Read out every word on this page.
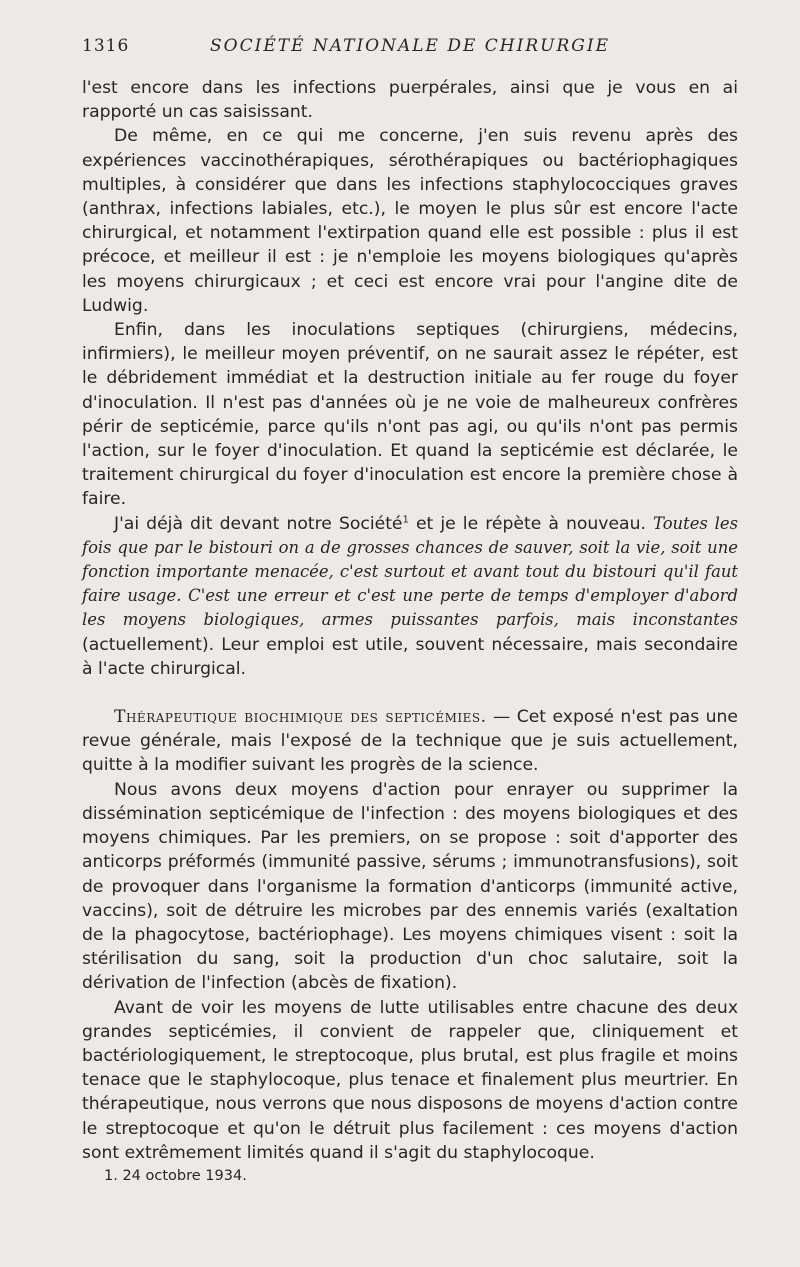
1316	SOCIÉTÉ NATIONALE DE CHIRURGIE

l'est encore dans les infections puerpérales, ainsi que je vous en ai rapporté un cas saisissant.

De même, en ce qui me concerne, j'en suis revenu après des expériences vaccinothérapiques, sérothérapiques ou bactériophagiques multiples, à considérer que dans les infections staphylococciques graves (anthrax, infections labiales, etc.), le moyen le plus sûr est encore l'acte chirurgical, et notamment l'extirpation quand elle est possible : plus il est précoce, et meilleur il est : je n'emploie les moyens biologiques qu'après les moyens chirurgicaux ; et ceci est encore vrai pour l'angine dite de Ludwig.

Enfin, dans les inoculations septiques (chirurgiens, médecins, infirmiers), le meilleur moyen préventif, on ne saurait assez le répéter, est le débridement immédiat et la destruction initiale au fer rouge du foyer d'inoculation. Il n'est pas d'années où je ne voie de malheureux confrères périr de septicémie, parce qu'ils n'ont pas agi, ou qu'ils n'ont pas permis l'action, sur le foyer d'inoculation. Et quand la septicémie est déclarée, le traitement chirurgical du foyer d'inoculation est encore la première chose à faire.

J'ai déjà dit devant notre Société$^1$ et je le répète à nouveau. Toutes les fois que par le bistouri on a de grosses chances de sauver, soit la vie, soit une fonction importante menacée, c'est surtout et avant tout du bistouri qu'il faut faire usage. C'est une erreur et c'est une perte de temps d'employer d'abord les moyens biologiques, armes puissantes parfois, mais inconstantes (actuellement). Leur emploi est utile, souvent nécessaire, mais secondaire à l'acte chirurgical.

Thérapeutique biochimique des septicémies. — Cet exposé n'est pas une revue générale, mais l'exposé de la technique que je suis actuellement, quitte à la modifier suivant les progrès de la science.

Nous avons deux moyens d'action pour enrayer ou supprimer la dissémination septicémique de l'infection : des moyens biologiques et des moyens chimiques. Par les premiers, on se propose : soit d'apporter des anticorps préformés (immunité passive, sérums ; immunotransfusions), soit de provoquer dans l'organisme la formation d'anticorps (immunité active, vaccins), soit de détruire les microbes par des ennemis variés (exaltation de la phagocytose, bactériophage). Les moyens chimiques visent : soit la stérilisation du sang, soit la production d'un choc salutaire, soit la dérivation de l'infection (abcès de fixation).

Avant de voir les moyens de lutte utilisables entre chacune des deux grandes septicémies, il convient de rappeler que, cliniquement et bactériologiquement, le streptocoque, plus brutal, est plus fragile et moins tenace que le staphylocoque, plus tenace et finalement plus meurtrier. En thérapeutique, nous verrons que nous disposons de moyens d'action contre le streptocoque et qu'on le détruit plus facilement : ces moyens d'action sont extrêmement limités quand il s'agit du staphylocoque.

1. 24 octobre 1934.
